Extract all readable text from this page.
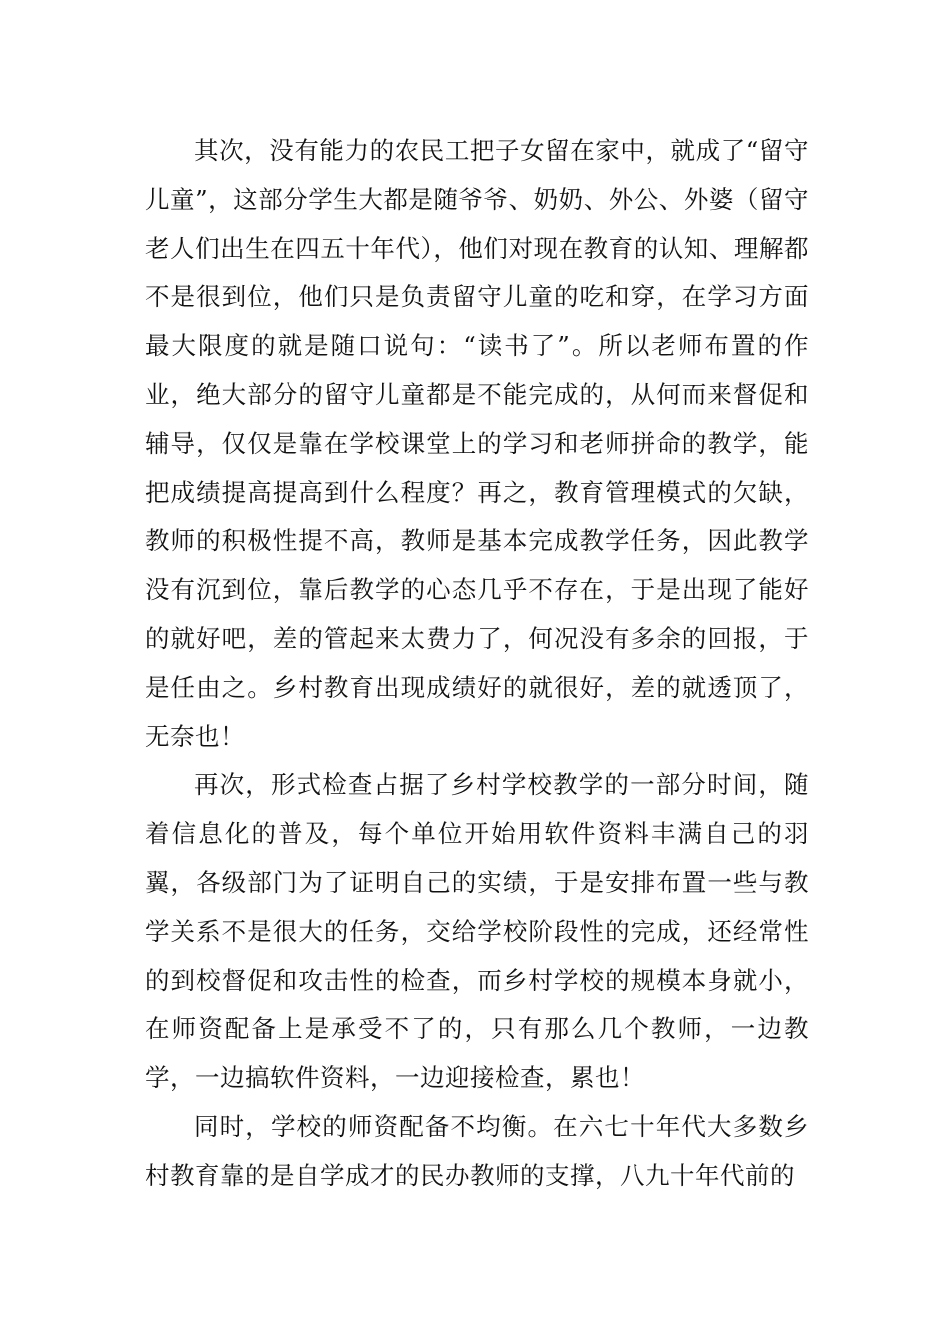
其次，没有能力的农民工把子女留在家中，就成了“留守儿童”，这部分学生大都是随爷爷、奶奶、外公、外婆（留守老人们出生在四五十年代），他们对现在教育的认知、理解都不是很到位，他们只是负责留守儿童的吃和穿，在学习方面最大限度的就是随口说句：“读书了”。所以老师布置的作业，绝大部分的留守儿童都是不能完成的，从何而来督促和辅导，仅仅是靠在学校课堂上的学习和老师拼命的教学，能把成绩提高提高到什么程度？再之，教育管理模式的欠缺，教师的积极性提不高，教师是基本完成教学任务，因此教学没有沉到位，靠后教学的心态几乎不存在，于是出现了能好的就好吧，差的管起来太费力了，何况没有多余的回报，于是任由之。乡村教育出现成绩好的就很好，差的就透顶了，无奈也！

再次，形式检查占据了乡村学校教学的一部分时间，随着信息化的普及，每个单位开始用软件资料丰满自己的羽翼，各级部门为了证明自己的实绩，于是安排布置一些与教学关系不是很大的任务，交给学校阶段性的完成，还经常性的到校督促和攻击性的检查，而乡村学校的规模本身就小，在师资配备上是承受不了的，只有那么几个教师，一边教学，一边搞软件资料，一边迎接检查，累也！

同时，学校的师资配备不均衡。在六七十年代大多数乡村教育靠的是自学成才的民办教师的支撑，八九十年代前的
